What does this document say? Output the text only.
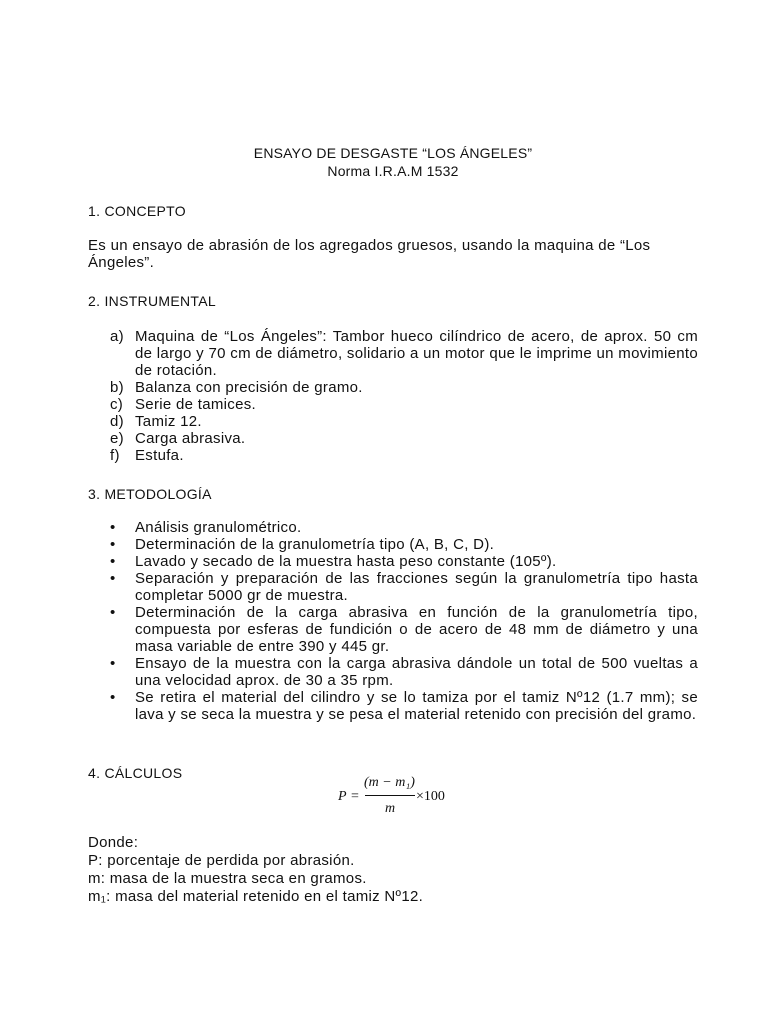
ENSAYO DE DESGASTE “LOS ÁNGELES”
Norma I.R.A.M 1532
1. CONCEPTO
Es un ensayo de abrasión de los agregados gruesos, usando la maquina de “Los Ángeles”.
2. INSTRUMENTAL
a) Maquina de “Los Ángeles”: Tambor hueco cilíndrico de acero, de aprox. 50 cm de largo y 70 cm de diámetro, solidario a un motor que le imprime un movimiento de rotación.
b) Balanza con precisión de gramo.
c) Serie de tamices.
d) Tamiz 12.
e) Carga abrasiva.
f) Estufa.
3. METODOLOGÍA
• Análisis granulométrico.
• Determinación de la granulometría tipo (A, B, C, D).
• Lavado y secado de la muestra hasta peso constante (105º).
• Separación y preparación de las fracciones según la granulometría tipo hasta completar 5000 gr de muestra.
• Determinación de la carga abrasiva en función de la granulometría tipo, compuesta por esferas de fundición o de acero de 48 mm de diámetro y una masa variable de entre 390 y 445 gr.
• Ensayo de la muestra con la carga abrasiva dándole un total de 500 vueltas a una velocidad aprox. de 30 a 35 rpm.
• Se retira el material del cilindro y se lo tamiza por el tamiz Nº12 (1.7 mm); se lava y se seca la muestra y se pesa el material retenido con precisión del gramo.
4. CÁLCULOS
P =
(m − m₁)
m
×100
Donde:
P: porcentaje de perdida por abrasión.
m: masa de la muestra seca en gramos.
m₁: masa del material retenido en el tamiz Nº12.
